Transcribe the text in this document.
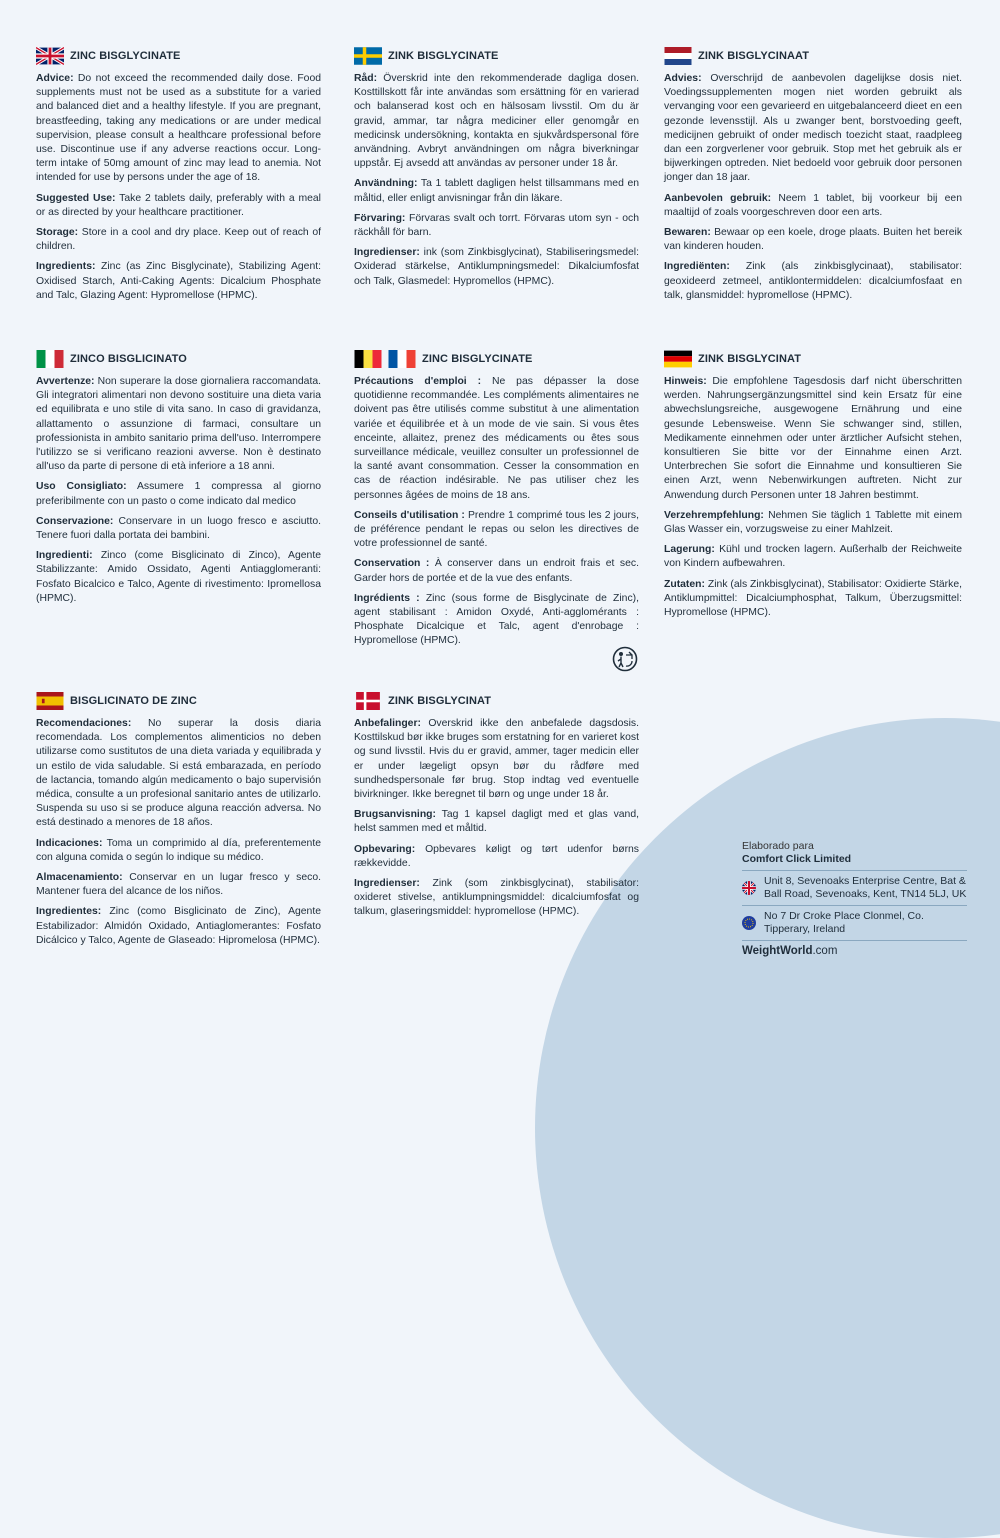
ZINC BISGLYCINATE

Advice: Do not exceed the recommended daily dose. Food supplements must not be used as a substitute for a varied and balanced diet and a healthy lifestyle. If you are pregnant, breastfeeding, taking any medications or are under medical supervision, please consult a healthcare professional before use. Discontinue use if any adverse reactions occur. Long-term intake of 50mg amount of zinc may lead to anemia. Not intended for use by persons under the age of 18.

Suggested Use: Take 2 tablets daily, preferably with a meal or as directed by your healthcare practitioner.

Storage: Store in a cool and dry place. Keep out of reach of children.

Ingredients: Zinc (as Zinc Bisglycinate), Stabilizing Agent: Oxidised Starch, Anti-Caking Agents: Dicalcium Phosphate and Talc, Glazing Agent: Hypromellose (HPMC).

ZINK BISGLYCINATE

Råd: Överskrid inte den rekommenderade dagliga dosen. Kosttillskott får inte användas som ersättning för en varierad och balanserad kost och en hälsosam livsstil. Om du är gravid, ammar, tar några mediciner eller genomgår en medicinsk undersökning, kontakta en sjukvårdspersonal före användning. Avbryt användningen om några biverkningar uppstår. Ej avsedd att användas av personer under 18 år.

Användning: Ta 1 tablett dagligen helst tillsammans med en måltid, eller enligt anvisningar från din läkare.

Förvaring: Förvaras svalt och torrt. Förvaras utom syn - och räckhåll för barn.

Ingredienser: ink (som Zinkbisglycinat), Stabiliseringsmedel: Oxiderad stärkelse, Antiklumpningsmedel: Dikalciumfosfat och Talk, Glasmedel: Hypromellos (HPMC).

ZINK BISGLYCINAAT

Advies: Overschrijd de aanbevolen dagelijkse dosis niet. Voedingssupplementen mogen niet worden gebruikt als vervanging voor een gevarieerd en uitgebalanceerd dieet en een gezonde levensstijl. Als u zwanger bent, borstvoeding geeft, medicijnen gebruikt of onder medisch toezicht staat, raadpleeg dan een zorgverlener voor gebruik. Stop met het gebruik als er bijwerkingen optreden. Niet bedoeld voor gebruik door personen jonger dan 18 jaar.

Aanbevolen gebruik: Neem 1 tablet, bij voorkeur bij een maaltijd of zoals voorgeschreven door een arts.

Bewaren: Bewaar op een koele, droge plaats. Buiten het bereik van kinderen houden.

Ingrediënten: Zink (als zinkbisglycinaat), stabilisator: geoxideerd zetmeel, antiklontermiddelen: dicalciumfosfaat en talk, glansmiddel: hypromellose (HPMC).

ZINCO BISGLICINATO

Avvertenze: Non superare la dose giornaliera raccomandata. Gli integratori alimentari non devono sostituire una dieta varia ed equilibrata e uno stile di vita sano. In caso di gravidanza, allattamento o assunzione di farmaci, consultare un professionista in ambito sanitario prima dell'uso. Interrompere l'utilizzo se si verificano reazioni avverse. Non è destinato all'uso da parte di persone di età inferiore a 18 anni.

Uso Consigliato: Assumere 1 compressa al giorno preferibilmente con un pasto o come indicato dal medico

Conservazione: Conservare in un luogo fresco e asciutto. Tenere fuori dalla portata dei bambini.

Ingredienti: Zinco (come Bisglicinato di Zinco), Agente Stabilizzante: Amido Ossidato, Agenti Antiagglomeranti: Fosfato Bicalcico e Talco, Agente di rivestimento: Ipromellosa (HPMC).

ZINC BISGLYCINATE

Précautions d'emploi : Ne pas dépasser la dose quotidienne recommandée. Les compléments alimentaires ne doivent pas être utilisés comme substitut à une alimentation variée et équilibrée et à un mode de vie sain. Si vous êtes enceinte, allaitez, prenez des médicaments ou êtes sous surveillance médicale, veuillez consulter un professionnel de la santé avant consommation. Cesser la consommation en cas de réaction indésirable. Ne pas utiliser chez les personnes âgées de moins de 18 ans.

Conseils d'utilisation : Prendre 1 comprimé tous les 2 jours, de préférence pendant le repas ou selon les directives de votre professionnel de santé.

Conservation : À conserver dans un endroit frais et sec. Garder hors de portée et de la vue des enfants.

Ingrédients : Zinc (sous forme de Bisglycinate de Zinc), agent stabilisant : Amidon Oxydé, Anti-agglomérants : Phosphate Dicalcique et Talc, agent d'enrobage : Hypromellose (HPMC).

ZINK BISGLYCINAT

Hinweis: Die empfohlene Tagesdosis darf nicht überschritten werden. Nahrungsergänzungsmittel sind kein Ersatz für eine abwechslungsreiche, ausgewogene Ernährung und eine gesunde Lebensweise. Wenn Sie schwanger sind, stillen, Medikamente einnehmen oder unter ärztlicher Aufsicht stehen, konsultieren Sie bitte vor der Einnahme einen Arzt. Unterbrechen Sie sofort die Einnahme und konsultieren Sie einen Arzt, wenn Nebenwirkungen auftreten. Nicht zur Anwendung durch Personen unter 18 Jahren bestimmt.

Verzehrempfehlung: Nehmen Sie täglich 1 Tablette mit einem Glas Wasser ein, vorzugsweise zu einer Mahlzeit.

Lagerung: Kühl und trocken lagern. Außerhalb der Reichweite von Kindern aufbewahren.

Zutaten: Zink (als Zinkbisglycinat), Stabilisator: Oxidierte Stärke, Antiklumpmittel: Dicalciumphosphat, Talkum, Überzugsmittel: Hypromellose (HPMC).

BISGLICINATO DE ZINC

Recomendaciones: No superar la dosis diaria recomendada. Los complementos alimenticios no deben utilizarse como sustitutos de una dieta variada y equilibrada y un estilo de vida saludable. Si está embarazada, en período de lactancia, tomando algún medicamento o bajo supervisión médica, consulte a un profesional sanitario antes de utilizarlo. Suspenda su uso si se produce alguna reacción adversa. No está destinado a menores de 18 años.

Indicaciones: Toma un comprimido al día, preferentemente con alguna comida o según lo indique su médico.

Almacenamiento: Conservar en un lugar fresco y seco. Mantener fuera del alcance de los niños.

Ingredientes: Zinc (como Bisglicinato de Zinc), Agente Estabilizador: Almidón Oxidado, Antiaglomerantes: Fosfato Dicálcico y Talco, Agente de Glaseado: Hipromelosa (HPMC).

ZINK BISGLYCINAT

Anbefalinger: Overskrid ikke den anbefalede dagsdosis. Kosttilskud bør ikke bruges som erstatning for en varieret kost og sund livsstil. Hvis du er gravid, ammer, tager medicin eller er under lægeligt opsyn bør du rådføre med sundhedspersonale før brug. Stop indtag ved eventuelle bivirkninger. Ikke beregnet til børn og unge under 18 år.

Brugsanvisning: Tag 1 kapsel dagligt med et glas vand, helst sammen med et måltid.

Opbevaring: Opbevares køligt og tørt udenfor børns rækkevidde.

Ingredienser: Zink (som zinkbisglycinat), stabilisator: oxideret stivelse, antiklumpningsmiddel: dicalciumfosfat og talkum, glaseringsmiddel: hypromellose (HPMC).

Elaborado para
Comfort Click Limited
Unit 8, Sevenoaks Enterprise Centre, Bat & Ball Road, Sevenoaks, Kent, TN14 5LJ, UK
No 7 Dr Croke Place Clonmel, Co. Tipperary, Ireland
WeightWorld.com
